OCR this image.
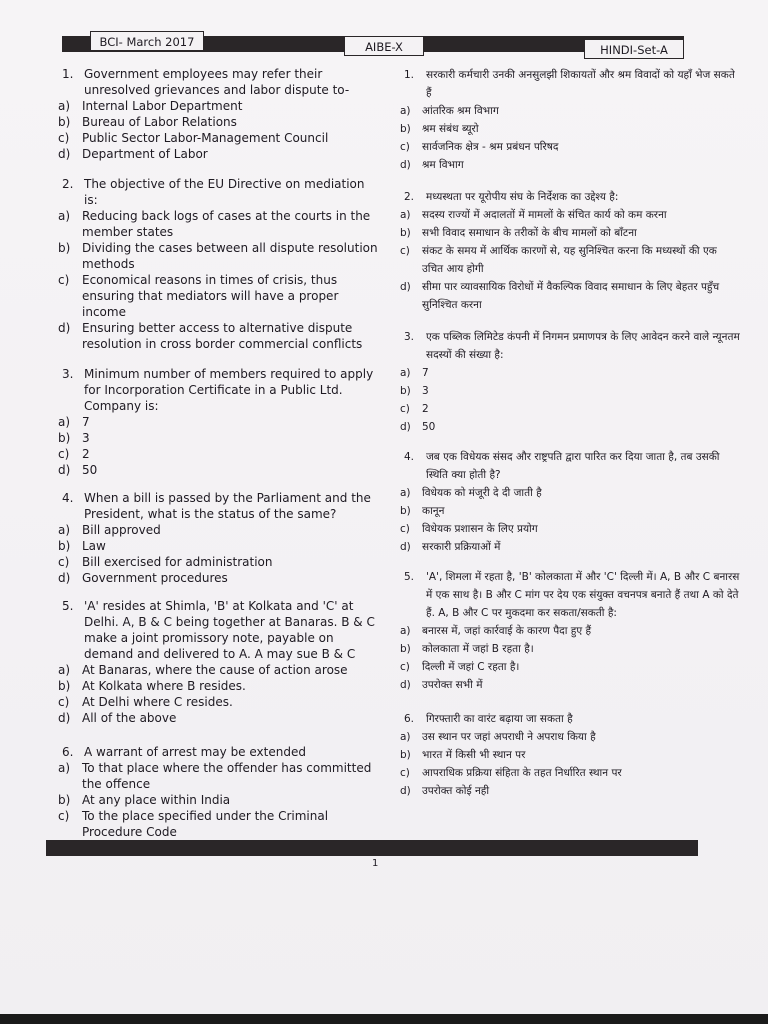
BCI- March 2017	AIBE-X	HINDI-Set-A
1. Government employees may refer their unresolved grievances and labor dispute to-
a) Internal Labor Department
b) Bureau of Labor Relations
c)	Public Sector Labor-Management Council
d) Department of Labor
2. The objective of the EU Directive on mediation is:
a) Reducing back logs of cases at the courts in the member states
b) Dividing the cases between all dispute resolution methods
c)	Economical reasons in times of crisis, thus ensuring that mediators will have a proper income
d) Ensuring better access to alternative dispute resolution in cross border commercial conflicts
3. Minimum number of members required to apply for Incorporation Certificate in a Public Ltd. Company is:
a) 7
b) 3
c)	2
d) 50
4. When a bill is passed by the Parliament and the President, what is the status of the same?
a) Bill approved
b) Law
c)	Bill exercised for administration
d) Government procedures
5. 'A' resides at Shimla, 'B' at Kolkata and 'C' at Delhi. A, B & C being together at Banaras. B & C make a joint promissory note, payable on demand and delivered to A. A may sue B & C
a) At Banaras, where the cause of action arose
b) At Kolkata where B resides.
c)	At Delhi where C resides.
d) All of the above
6. A warrant of arrest may be extended
a) To that place where the offender has committed the offence
b) At any place within India
c)	To the place specified under the Criminal Procedure Code
1.	सरकारी कर्मचारी उनकी अनसुलझी शिकायतों और श्रम विवादों को यहाँ भेज सकते हैं
a)	आंतरिक श्रम विभाग
b)	श्रम संबंध ब्यूरो
c)	सार्वजनिक क्षेत्र - श्रम प्रबंधन परिषद
d)	श्रम विभाग
2.	मध्यस्थता पर यूरोपीय संघ के निर्देशक का उद्देश्य है:
a)	सदस्य राज्यों में अदालतों में मामलों के संचित कार्य को कम करना
b)	सभी विवाद समाधान के तरीकों के बीच मामलों को बाँटना
c)	संकट के समय में आर्थिक कारणों से, यह सुनिश्चित करना कि मध्यस्थों की एक उचित आय होगी
d)	सीमा पार व्यावसायिक विरोधों में वैकल्पिक विवाद समाधान के लिए बेहतर पहुँच सुनिश्चित करना
3.	एक पब्लिक लिमिटेड कंपनी में निगमन प्रमाणपत्र के लिए आवेदन करने वाले न्यूनतम सदस्यों की संख्या है:
a)	7
b)	3
c)	2
d)	50
4.	जब एक विधेयक संसद और राष्ट्रपति द्वारा पारित कर दिया जाता है, तब उसकी स्थिति क्या होती है?
a)	विधेयक को मंजूरी दे दी जाती है
b)	कानून
c)	विधेयक प्रशासन के लिए प्रयोग
d)	सरकारी प्रक्रियाओं में
5.	'A', शिमला में रहता है, 'B' कोलकाता में और 'C' दिल्ली में। A, B और C बनारस में एक साथ है। B और C मांग पर देय एक संयुक्त वचनपत्र बनाते हैं तथा A को देते हैं. A, B और C पर मुकदमा कर सकता/सकती है:
a)	बनारस में, जहां कार्रवाई के कारण पैदा हुए हैं
b)	कोलकाता में जहां B रहता है।
c)	दिल्ली में जहां C रहता है।
d)	उपरोक्त सभी में
6.	गिरफ्तारी का वारंट बढ़ाया जा सकता है
a)	उस स्थान पर जहां अपराधी ने अपराध किया है
b)	भारत में किसी भी स्थान पर
c)	आपराधिक प्रक्रिया संहिता के तहत निर्धारित स्थान पर
d)	उपरोक्त कोई नही
1
